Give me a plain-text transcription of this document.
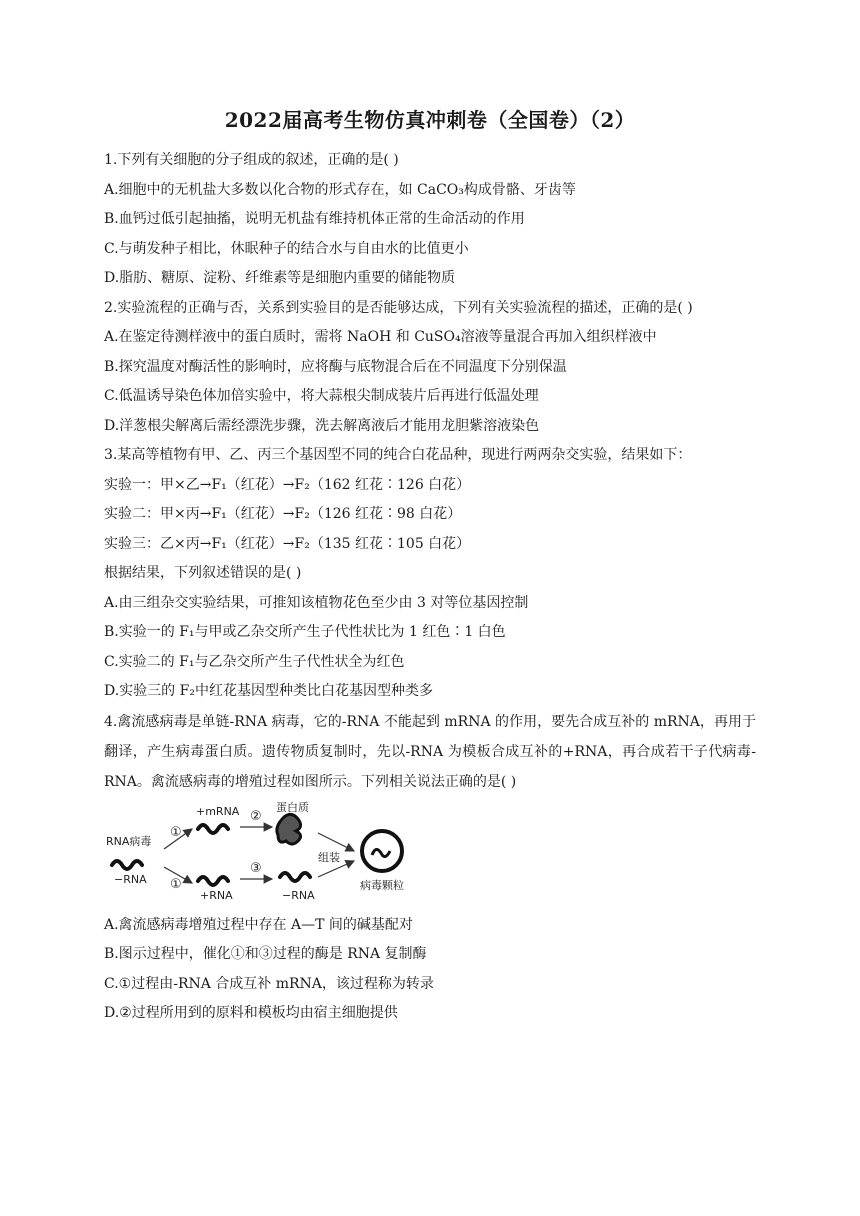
2022届高考生物仿真冲刺卷（全国卷）（2）
1.下列有关细胞的分子组成的叙述，正确的是( )
A.细胞中的无机盐大多数以化合物的形式存在，如 CaCO₃构成骨骼、牙齿等
B.血钙过低引起抽搐，说明无机盐有维持机体正常的生命活动的作用
C.与萌发种子相比，休眠种子的结合水与自由水的比值更小
D.脂肪、糖原、淀粉、纤维素等是细胞内重要的储能物质
2.实验流程的正确与否，关系到实验目的是否能够达成，下列有关实验流程的描述，正确的是( )
A.在鉴定待测样液中的蛋白质时，需将 NaOH 和 CuSO₄溶液等量混合再加入组织样液中
B.探究温度对酶活性的影响时，应将酶与底物混合后在不同温度下分别保温
C.低温诱导染色体加倍实验中，将大蒜根尖制成装片后再进行低温处理
D.洋葱根尖解离后需经漂洗步骤，洗去解离液后才能用龙胆紫溶液染色
3.某高等植物有甲、乙、丙三个基因型不同的纯合白花品种，现进行两两杂交实验，结果如下：
实验一：甲×乙→F₁（红花）→F₂（162 红花∶126 白花）
实验二：甲×丙→F₁（红花）→F₂（126 红花∶98 白花）
实验三：乙×丙→F₁（红花）→F₂（135 红花∶105 白花）
根据结果，下列叙述错误的是( )
A.由三组杂交实验结果，可推知该植物花色至少由 3 对等位基因控制
B.实验一的 F₁与甲或乙杂交所产生子代性状比为 1 红色∶1 白色
C.实验二的 F₁与乙杂交所产生子代性状全为红色
D.实验三的 F₂中红花基因型种类比白花基因型种类多
4.禽流感病毒是单链-RNA 病毒，它的-RNA 不能起到 mRNA 的作用，要先合成互补的 mRNA，再用于翻译，产生病毒蛋白质。遗传物质复制时，先以-RNA 为模板合成互补的+RNA，再合成若干子代病毒-RNA。禽流感病毒的增殖过程如图所示。下列相关说法正确的是( )
RNA病毒
−RNA
①
①
+mRNA
+RNA
②
③
蛋白质
−RNA
组装
病毒颗粒
A.禽流感病毒增殖过程中存在 A—T 间的碱基配对
B.图示过程中，催化①和③过程的酶是 RNA 复制酶
C.①过程由-RNA 合成互补 mRNA，该过程称为转录
D.②过程所用到的原料和模板均由宿主细胞提供
